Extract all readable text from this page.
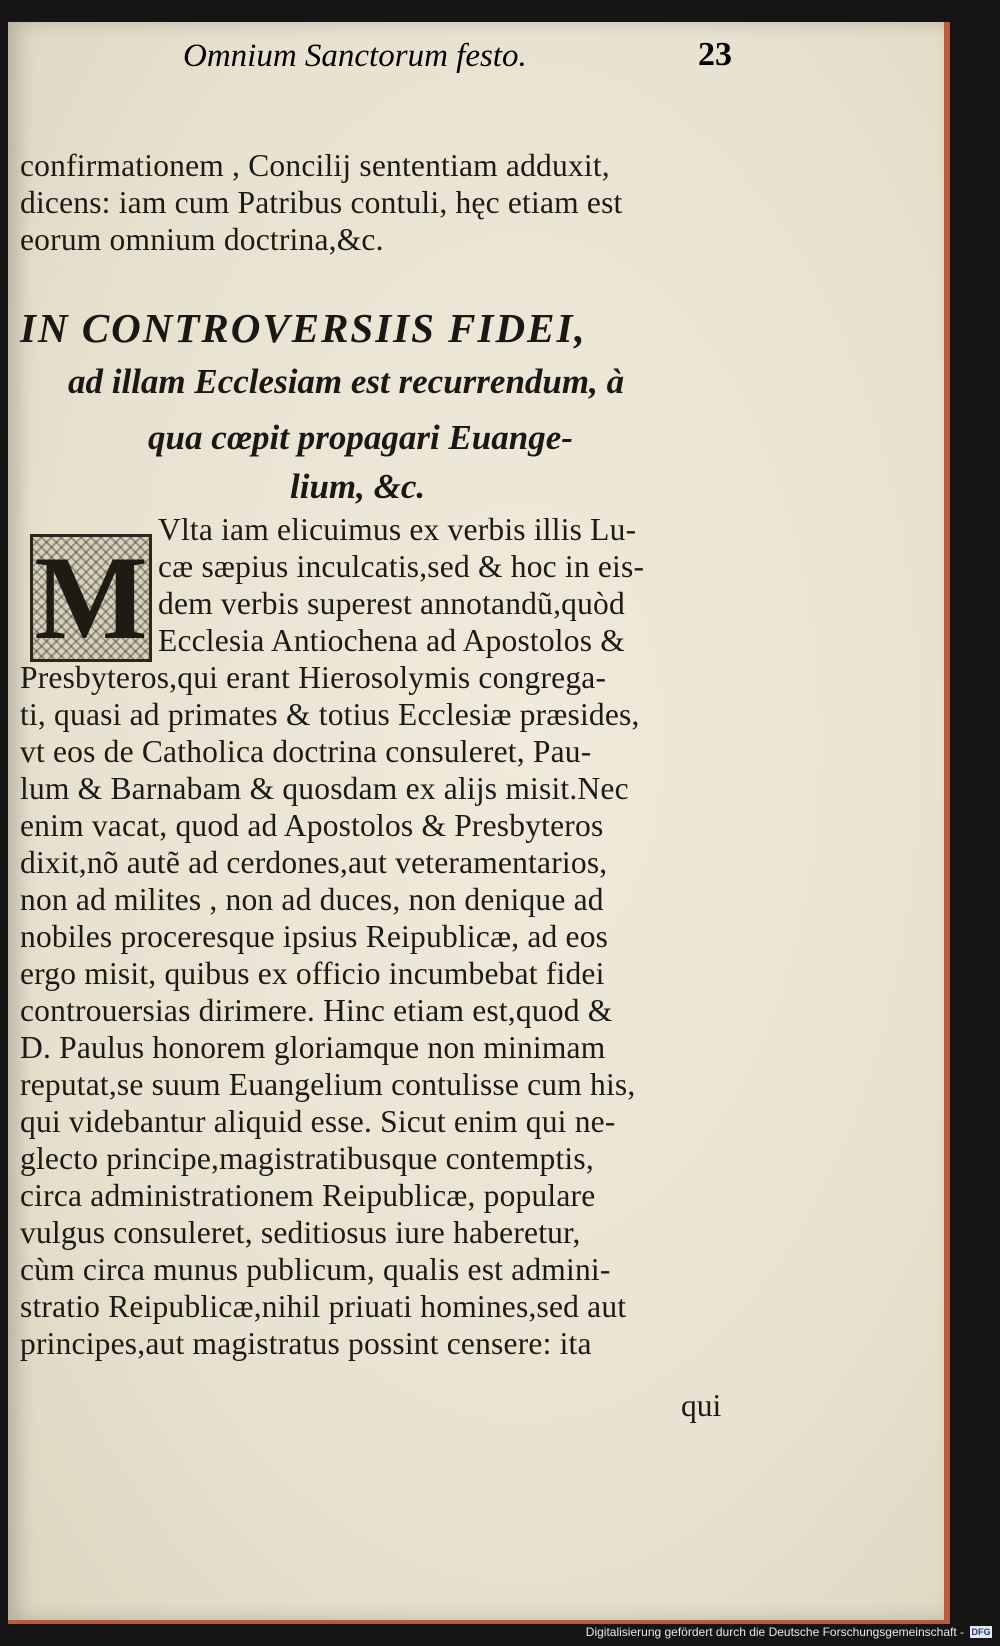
Omnium Sanctorum festo.	23
confirmationem , Concilij sententiam adduxit,
dicens: iam cum Patribus contuli, hęc etiam est
eorum omnium doctrina,&c.
IN CONTROVERSIIS FIDEI,
ad illam Ecclesiam est recurrendum, à
qua cœpit propagari Euange-
lium, &c.
M
Vlta iam elicuimus ex verbis illis Lu-
cæ sæpius inculcatis,sed & hoc in eis-
dem verbis superest annotandũ,quòd
Ecclesia Antiochena ad Apostolos &
Presbyteros,qui erant Hierosolymis congrega-
ti, quasi ad primates & totius Ecclesiæ præsides,
vt eos de Catholica doctrina consuleret, Pau-
lum & Barnabam & quosdam ex alijs misit.Nec
enim vacat, quod ad Apostolos & Presbyteros
dixit,nõ autẽ ad cerdones,aut veteramentarios,
non ad milites , non ad duces, non denique ad
nobiles proceresque ipsius Reipublicæ, ad eos
ergo misit, quibus ex officio incumbebat fidei
controuersias dirimere. Hinc etiam est,quod &
D. Paulus honorem gloriamque non minimam
reputat,se suum Euangelium contulisse cum his,
qui videbantur aliquid esse. Sicut enim qui ne-
glecto principe,magistratibusque contemptis,
circa administrationem Reipublicæ, populare
vulgus consuleret, seditiosus iure haberetur,
cùm circa munus publicum, qualis est admini-
stratio Reipublicæ,nihil priuati homines,sed aut
principes,aut magistratus possint censere: ita
qui
Digitalisierung gefördert durch die Deutsche Forschungsgemeinschaft - DFG
